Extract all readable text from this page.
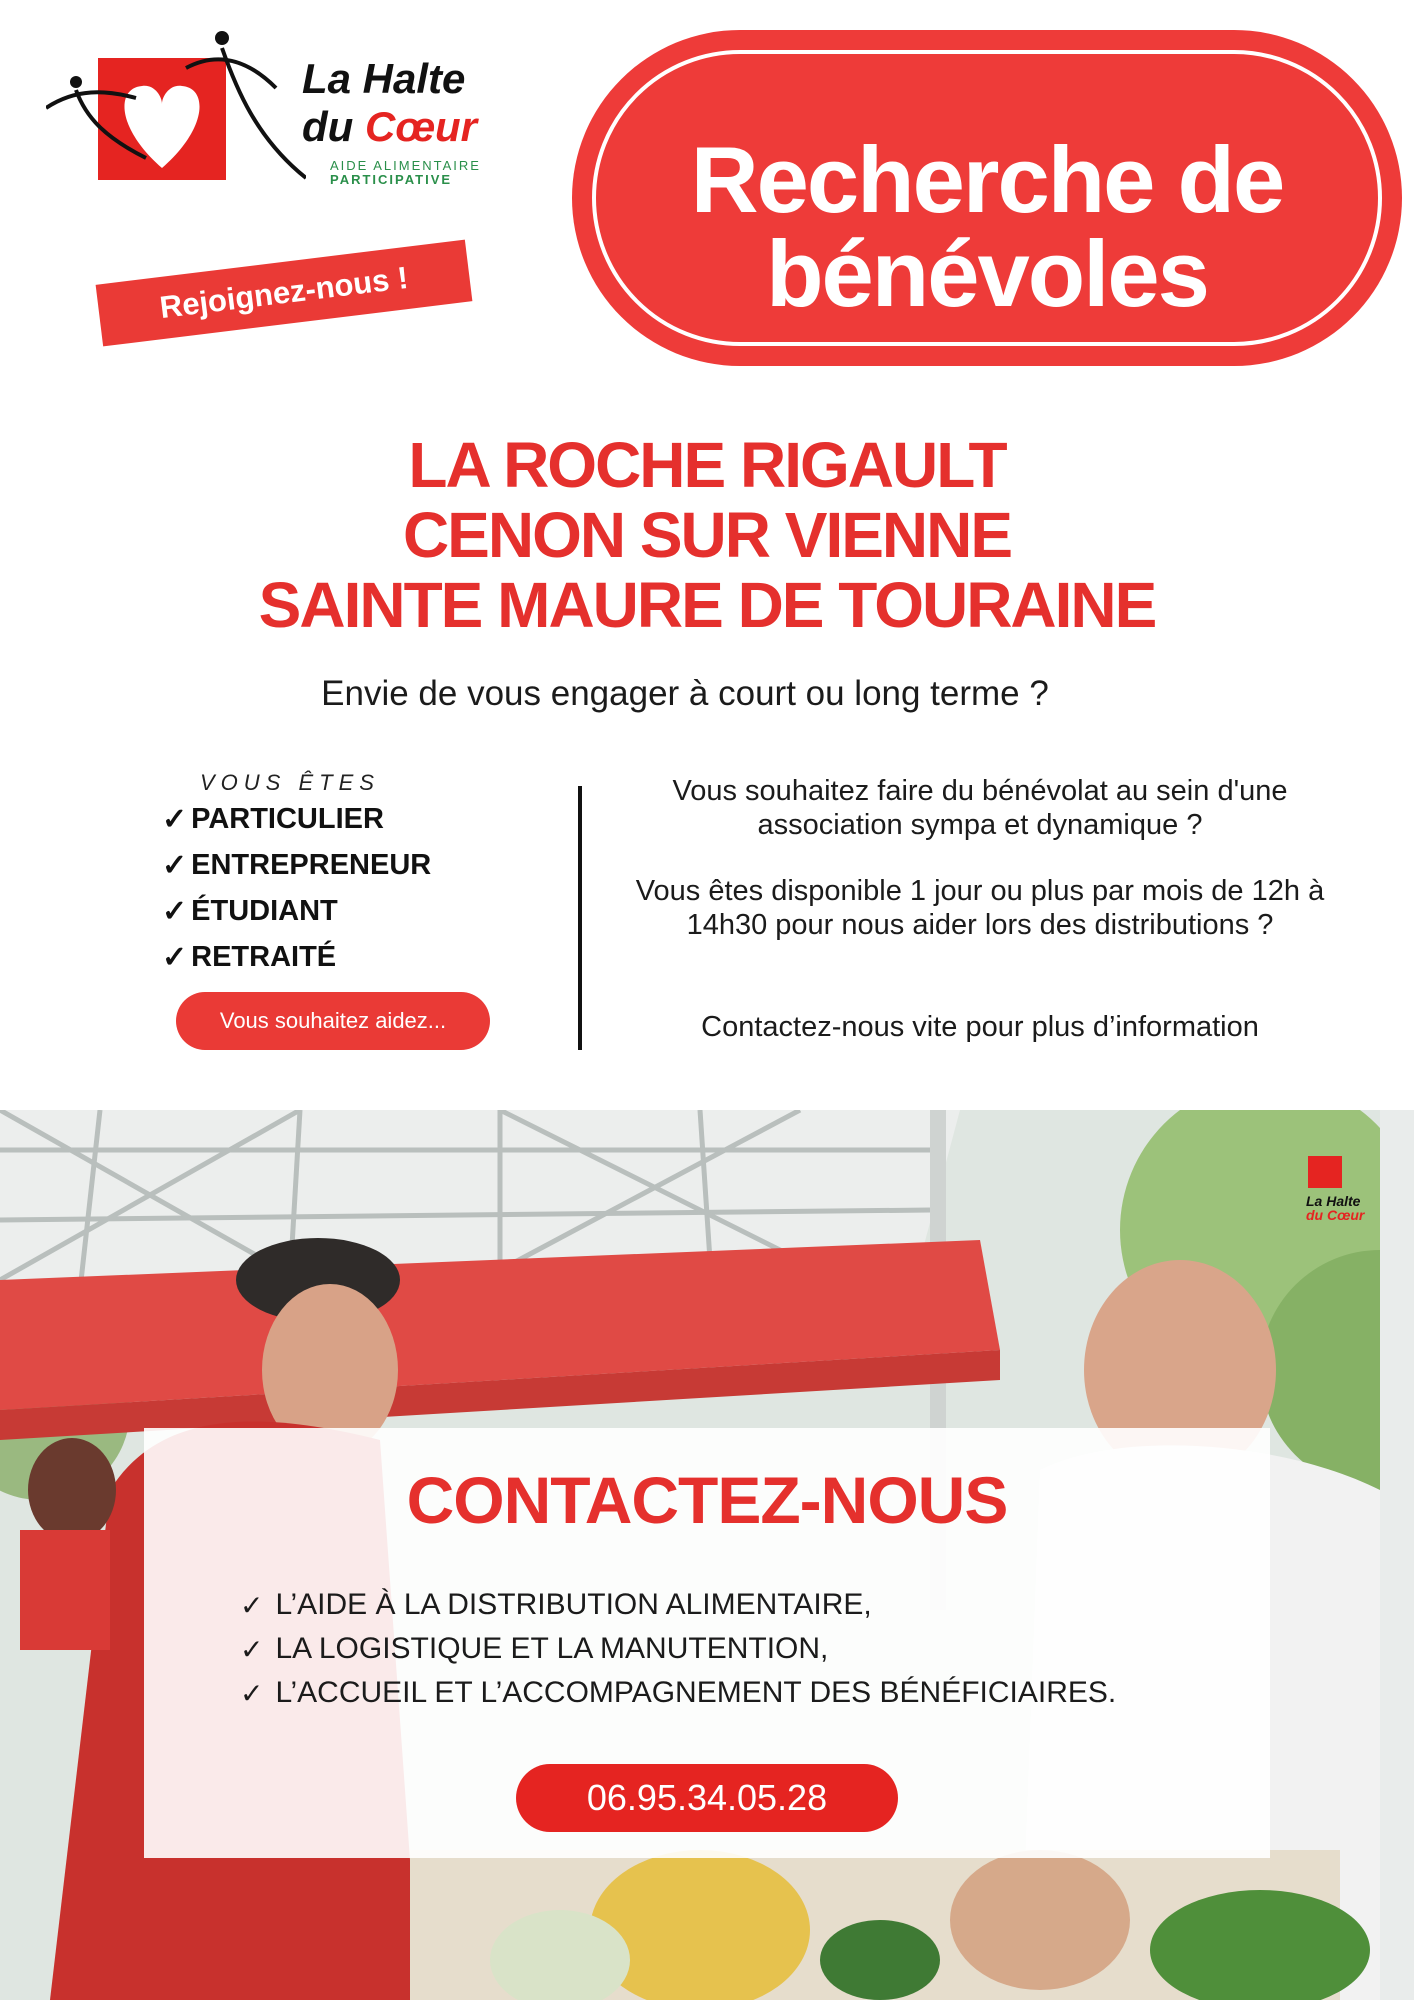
La Halte
du Cœur
AIDE ALIMENTAIRE
PARTICIPATIVE
Rejoignez-nous !
Recherche de
bénévoles
LA ROCHE RIGAULT
CENON SUR VIENNE
SAINTE MAURE DE TOURAINE
Envie de vous engager à court ou long terme ?
VOUS ÊTES
✓ PARTICULIER
✓ ENTREPRENEUR
✓ ÉTUDIANT
✓ RETRAITÉ
Vous souhaitez aidez...
Vous souhaitez faire du bénévolat au sein d'une association sympa et dynamique ?
Vous êtes disponible 1 jour ou plus par mois de 12h à 14h30 pour nous aider lors des distributions ?
Contactez-nous vite pour plus d’information
La Halte
du Cœur
CONTACTEZ-NOUS
✓ L’AIDE À LA DISTRIBUTION ALIMENTAIRE,
✓ LA LOGISTIQUE ET LA MANUTENTION,
✓ L’ACCUEIL ET L’ACCOMPAGNEMENT DES BÉNÉFICIAIRES.
06.95.34.05.28
